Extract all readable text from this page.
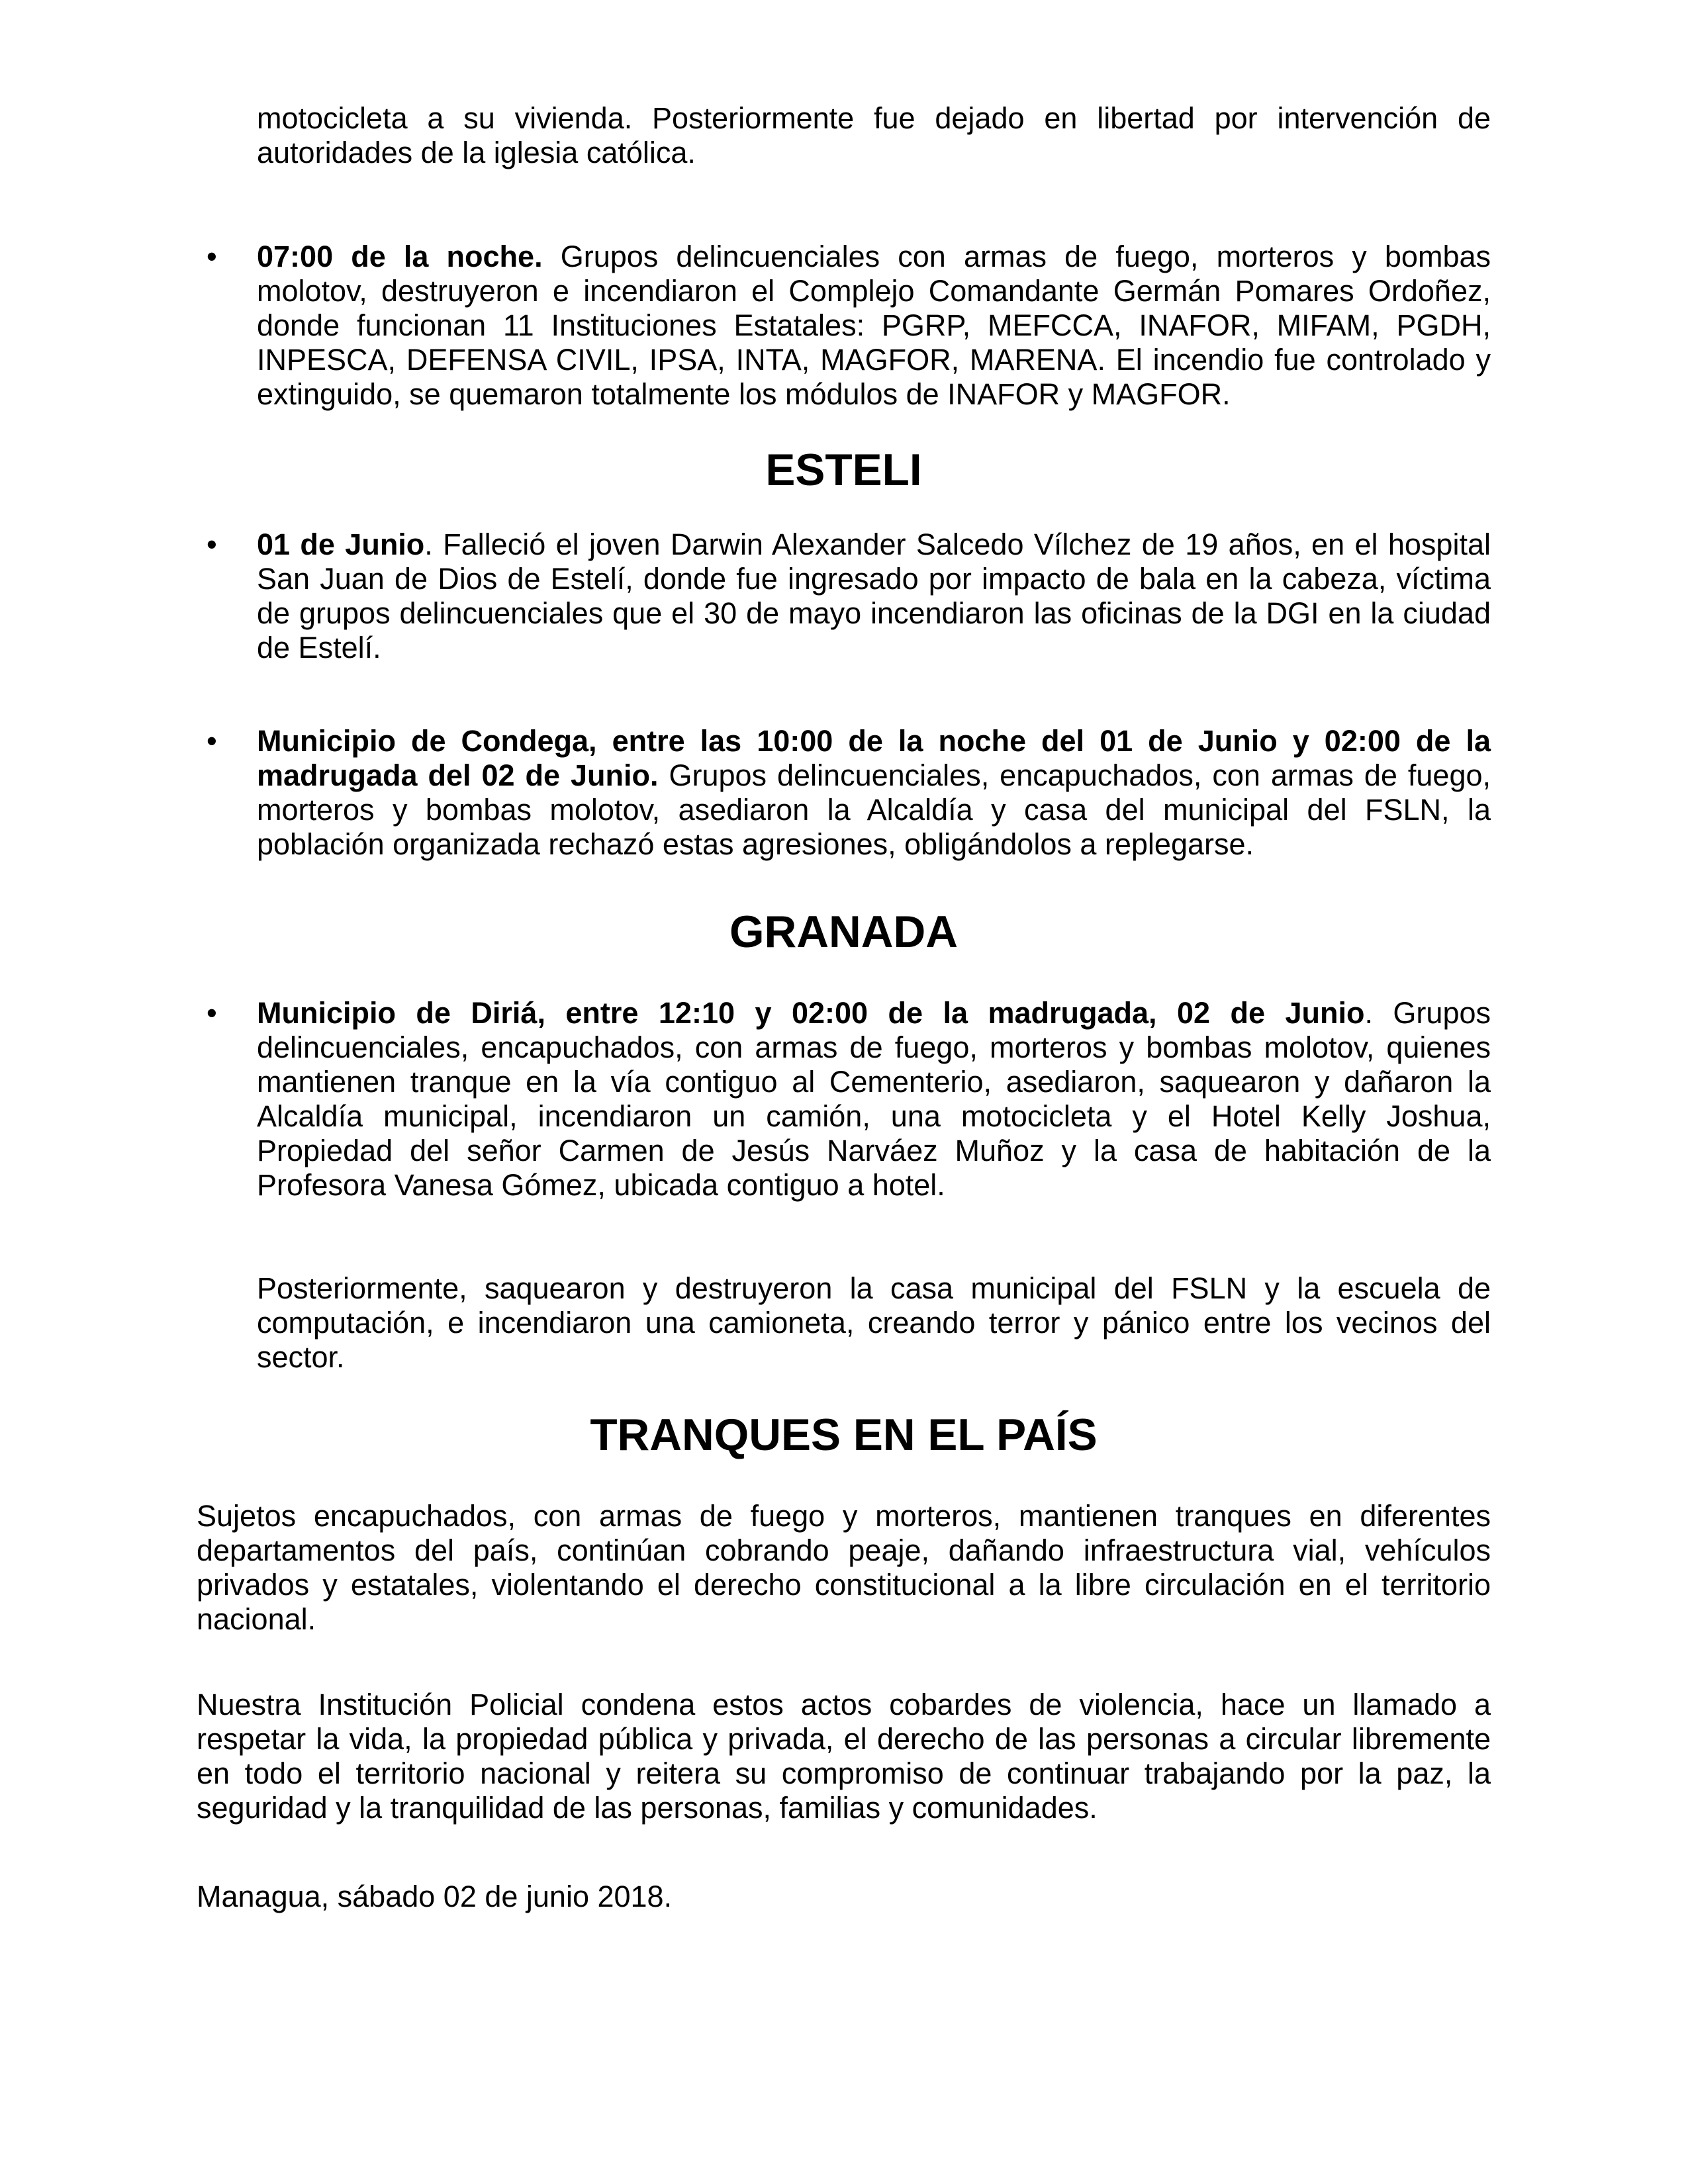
motocicleta a su vivienda. Posteriormente fue dejado en libertad por intervención de autoridades de la iglesia católica.

•	07:00 de la noche. Grupos delincuenciales con armas de fuego, morteros y bombas molotov, destruyeron e incendiaron el Complejo Comandante Germán Pomares Ordoñez, donde funcionan 11 Instituciones Estatales: PGRP, MEFCCA, INAFOR, MIFAM, PGDH, INPESCA, DEFENSA CIVIL, IPSA, INTA, MAGFOR, MARENA. El incendio fue controlado y extinguido, se quemaron totalmente los módulos de INAFOR y MAGFOR.
ESTELI
•	01 de Junio. Falleció el joven Darwin Alexander Salcedo Vílchez de 19 años, en el hospital San Juan de Dios de Estelí, donde fue ingresado por impacto de bala en la cabeza, víctima de grupos delincuenciales que el 30 de mayo incendiaron las oficinas de la DGI en la ciudad de Estelí.
•	Municipio de Condega, entre las 10:00 de la noche del 01 de Junio y 02:00 de la madrugada del 02 de Junio. Grupos delincuenciales, encapuchados, con armas de fuego, morteros y bombas molotov, asediaron la Alcaldía y casa del municipal del FSLN, la población organizada rechazó estas agresiones, obligándolos a replegarse.
GRANADA
•	Municipio de Diriá, entre 12:10 y 02:00 de la madrugada, 02 de Junio. Grupos delincuenciales, encapuchados, con armas de fuego, morteros y bombas molotov, quienes mantienen tranque en la vía contiguo al Cementerio, asediaron, saquearon y dañaron la Alcaldía municipal, incendiaron un camión, una motocicleta y el Hotel Kelly Joshua, Propiedad del señor Carmen de Jesús Narváez Muñoz y la casa de habitación de la Profesora Vanesa Gómez, ubicada contiguo a hotel.

Posteriormente, saquearon y destruyeron la casa municipal del FSLN y la escuela de computación, e incendiaron una camioneta, creando terror y pánico entre los vecinos del sector.

TRANQUES EN EL PAÍS

Sujetos encapuchados, con armas de fuego y morteros, mantienen tranques en diferentes departamentos del país, continúan cobrando peaje, dañando infraestructura vial, vehículos privados y estatales, violentando el derecho constitucional a la libre circulación en el territorio nacional.

Nuestra Institución Policial condena estos actos cobardes de violencia, hace un llamado a respetar la vida, la propiedad pública y privada, el derecho de las personas a circular libremente en todo el territorio nacional y reitera su compromiso de continuar trabajando por la paz, la seguridad y la tranquilidad de las personas, familias y comunidades.

Managua, sábado 02 de junio 2018.
